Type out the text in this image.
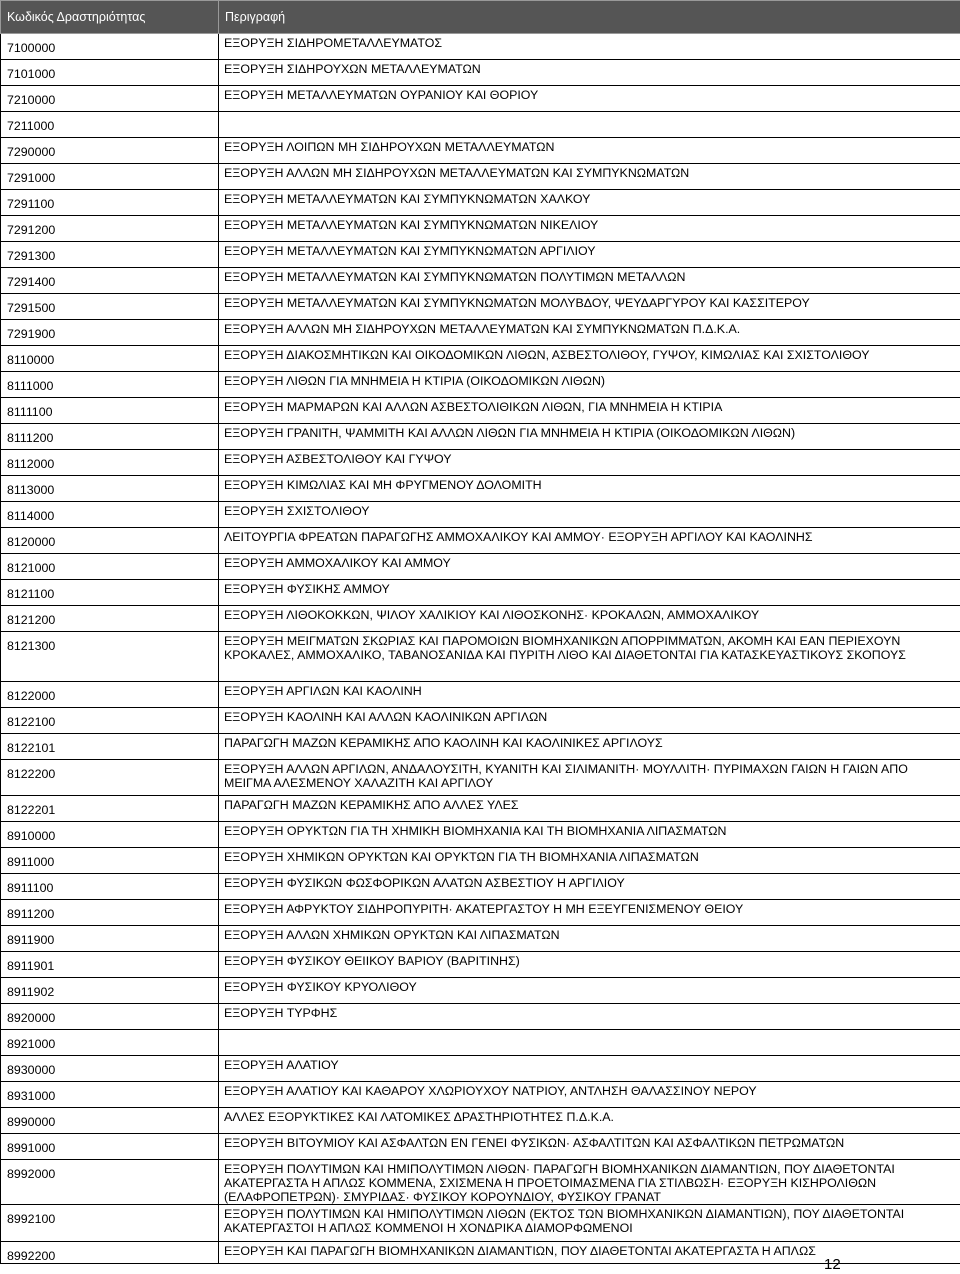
Κωδικός Δραστηριότητας	Περιγραφή
7100000	ΕΞΟΡΥΞΗ ΣΙΔΗΡΟΜΕΤΑΛΛΕΥΜΑΤΟΣ
7101000	ΕΞΟΡΥΞΗ ΣΙΔΗΡΟΥΧΩΝ ΜΕΤΑΛΛΕΥΜΑΤΩΝ
7210000	ΕΞΟΡΥΞΗ ΜΕΤΑΛΛΕΥΜΑΤΩΝ ΟΥΡΑΝΙΟΥ ΚΑΙ ΘΟΡΙΟΥ
7211000	
7290000	ΕΞΟΡΥΞΗ ΛΟΙΠΩΝ ΜΗ ΣΙΔΗΡΟΥΧΩΝ ΜΕΤΑΛΛΕΥΜΑΤΩΝ
7291000	ΕΞΟΡΥΞΗ ΑΛΛΩΝ ΜΗ ΣΙΔΗΡΟΥΧΩΝ ΜΕΤΑΛΛΕΥΜΑΤΩΝ ΚΑΙ ΣΥΜΠΥΚΝΩΜΑΤΩΝ
7291100	ΕΞΟΡΥΞΗ ΜΕΤΑΛΛΕΥΜΑΤΩΝ ΚΑΙ ΣΥΜΠΥΚΝΩΜΑΤΩΝ ΧΑΛΚΟΥ
7291200	ΕΞΟΡΥΞΗ ΜΕΤΑΛΛΕΥΜΑΤΩΝ ΚΑΙ ΣΥΜΠΥΚΝΩΜΑΤΩΝ ΝΙΚΕΛΙΟΥ
7291300	ΕΞΟΡΥΞΗ ΜΕΤΑΛΛΕΥΜΑΤΩΝ ΚΑΙ ΣΥΜΠΥΚΝΩΜΑΤΩΝ ΑΡΓΙΛΙΟΥ
7291400	ΕΞΟΡΥΞΗ ΜΕΤΑΛΛΕΥΜΑΤΩΝ ΚΑΙ ΣΥΜΠΥΚΝΩΜΑΤΩΝ ΠΟΛΥΤΙΜΩΝ ΜΕΤΑΛΛΩΝ
7291500	ΕΞΟΡΥΞΗ ΜΕΤΑΛΛΕΥΜΑΤΩΝ ΚΑΙ ΣΥΜΠΥΚΝΩΜΑΤΩΝ ΜΟΛΥΒΔΟΥ, ΨΕΥΔΑΡΓΥΡΟΥ ΚΑΙ ΚΑΣΣΙΤΕΡΟΥ
7291900	ΕΞΟΡΥΞΗ ΑΛΛΩΝ ΜΗ ΣΙΔΗΡΟΥΧΩΝ ΜΕΤΑΛΛΕΥΜΑΤΩΝ ΚΑΙ ΣΥΜΠΥΚΝΩΜΑΤΩΝ Π.Δ.Κ.Α.
8110000	ΕΞΟΡΥΞΗ ΔΙΑΚΟΣΜΗΤΙΚΩΝ ΚΑΙ ΟΙΚΟΔΟΜΙΚΩΝ ΛΙΘΩΝ, ΑΣΒΕΣΤΟΛΙΘΟΥ, ΓΥΨΟΥ, ΚΙΜΩΛΙΑΣ ΚΑΙ ΣΧΙΣΤΟΛΙΘΟΥ
8111000	ΕΞΟΡΥΞΗ ΛΙΘΩΝ ΓΙΑ ΜΝΗΜΕΙΑ Η ΚΤΙΡΙΑ (ΟΙΚΟΔΟΜΙΚΩΝ ΛΙΘΩΝ)
8111100	ΕΞΟΡΥΞΗ ΜΑΡΜΑΡΩΝ ΚΑΙ ΑΛΛΩΝ ΑΣΒΕΣΤΟΛΙΘΙΚΩΝ ΛΙΘΩΝ, ΓΙΑ ΜΝΗΜΕΙΑ Η ΚΤΙΡΙΑ
8111200	ΕΞΟΡΥΞΗ ΓΡΑΝΙΤΗ, ΨΑΜΜΙΤΗ ΚΑΙ ΑΛΛΩΝ ΛΙΘΩΝ ΓΙΑ ΜΝΗΜΕΙΑ Η ΚΤΙΡΙΑ (ΟΙΚΟΔΟΜΙΚΩΝ ΛΙΘΩΝ)
8112000	ΕΞΟΡΥΞΗ ΑΣΒΕΣΤΟΛΙΘΟΥ ΚΑΙ ΓΥΨΟΥ
8113000	ΕΞΟΡΥΞΗ ΚΙΜΩΛΙΑΣ ΚΑΙ ΜΗ ΦΡΥΓΜΕΝΟΥ ΔΟΛΟΜΙΤΗ
8114000	ΕΞΟΡΥΞΗ ΣΧΙΣΤΟΛΙΘΟΥ
8120000	ΛΕΙΤΟΥΡΓΙΑ ΦΡΕΑΤΩΝ ΠΑΡΑΓΩΓΗΣ ΑΜΜΟΧΑΛΙΚΟΥ ΚΑΙ ΑΜΜΟΥ· ΕΞΟΡΥΞΗ ΑΡΓΙΛΟΥ ΚΑΙ ΚΑΟΛΙΝΗΣ
8121000	ΕΞΟΡΥΞΗ ΑΜΜΟΧΑΛΙΚΟΥ ΚΑΙ ΑΜΜΟΥ
8121100	ΕΞΟΡΥΞΗ ΦΥΣΙΚΗΣ ΑΜΜΟΥ
8121200	ΕΞΟΡΥΞΗ ΛΙΘΟΚΟΚΚΩΝ, ΨΙΛΟΥ ΧΑΛΙΚΙΟΥ ΚΑΙ ΛΙΘΟΣΚΟΝΗΣ· ΚΡΟΚΑΛΩΝ, ΑΜΜΟΧΑΛΙΚΟΥ
8121300	ΕΞΟΡΥΞΗ ΜΕΙΓΜΑΤΩΝ ΣΚΩΡΙΑΣ ΚΑΙ ΠΑΡΟΜΟΙΩΝ ΒΙΟΜΗΧΑΝΙΚΩΝ ΑΠΟΡΡΙΜΜΑΤΩΝ, ΑΚΟΜΗ ΚΑΙ ΕΑΝ ΠΕΡΙΕΧΟΥΝ ΚΡΟΚΑΛΕΣ, ΑΜΜΟΧΑΛΙΚΟ, ΤΑΒΑΝΟΣΑΝΙΔΑ ΚΑΙ ΠΥΡΙΤΗ ΛΙΘΟ ΚΑΙ ΔΙΑΘΕΤΟΝΤΑΙ ΓΙΑ ΚΑΤΑΣΚΕΥΑΣΤΙΚΟΥΣ ΣΚΟΠΟΥΣ
8122000	ΕΞΟΡΥΞΗ ΑΡΓΙΛΩΝ ΚΑΙ ΚΑΟΛΙΝΗ
8122100	ΕΞΟΡΥΞΗ ΚΑΟΛΙΝΗ ΚΑΙ ΑΛΛΩΝ ΚΑΟΛΙΝΙΚΩΝ ΑΡΓΙΛΩΝ
8122101	ΠΑΡΑΓΩΓΗ ΜΑΖΩΝ ΚΕΡΑΜΙΚΗΣ ΑΠΟ ΚΑΟΛΙΝΗ ΚΑΙ ΚΑΟΛΙΝΙΚΕΣ ΑΡΓΙΛΟΥΣ
8122200	ΕΞΟΡΥΞΗ ΑΛΛΩΝ ΑΡΓΙΛΩΝ, ΑΝΔΑΛΟΥΣΙΤΗ, ΚΥΑΝΙΤΗ ΚΑΙ ΣΙΛΙΜΑΝΙΤΗ· ΜΟΥΛΛΙΤΗ· ΠΥΡΙΜΑΧΩΝ ΓΑΙΩΝ Η ΓΑΙΩΝ ΑΠΟ ΜΕΙΓΜΑ ΑΛΕΣΜΕΝΟΥ ΧΑΛΑΖΙΤΗ ΚΑΙ ΑΡΓΙΛΟΥ
8122201	ΠΑΡΑΓΩΓΗ ΜΑΖΩΝ ΚΕΡΑΜΙΚΗΣ ΑΠΟ ΑΛΛΕΣ ΥΛΕΣ
8910000	ΕΞΟΡΥΞΗ ΟΡΥΚΤΩΝ ΓΙΑ ΤΗ ΧΗΜΙΚΗ ΒΙΟΜΗΧΑΝΙΑ ΚΑΙ ΤΗ ΒΙΟΜΗΧΑΝΙΑ ΛΙΠΑΣΜΑΤΩΝ
8911000	ΕΞΟΡΥΞΗ ΧΗΜΙΚΩΝ ΟΡΥΚΤΩΝ ΚΑΙ ΟΡΥΚΤΩΝ ΓΙΑ ΤΗ ΒΙΟΜΗΧΑΝΙΑ ΛΙΠΑΣΜΑΤΩΝ
8911100	ΕΞΟΡΥΞΗ ΦΥΣΙΚΩΝ ΦΩΣΦΟΡΙΚΩΝ ΑΛΑΤΩΝ ΑΣΒΕΣΤΙΟΥ Η ΑΡΓΙΛΙΟΥ
8911200	ΕΞΟΡΥΞΗ ΑΦΡΥΚΤΟΥ ΣΙΔΗΡΟΠΥΡΙΤΗ· ΑΚΑΤΕΡΓΑΣΤΟΥ Η ΜΗ ΕΞΕΥΓΕΝΙΣΜΕΝΟΥ ΘΕΙΟΥ
8911900	ΕΞΟΡΥΞΗ ΑΛΛΩΝ ΧΗΜΙΚΩΝ ΟΡΥΚΤΩΝ ΚΑΙ ΛΙΠΑΣΜΑΤΩΝ
8911901	ΕΞΟΡΥΞΗ ΦΥΣΙΚΟΥ ΘΕΙΙΚΟΥ ΒΑΡΙΟΥ (ΒΑΡΙΤΙΝΗΣ)
8911902	ΕΞΟΡΥΞΗ ΦΥΣΙΚΟΥ ΚΡΥΟΛΙΘΟΥ
8920000	ΕΞΟΡΥΞΗ ΤΥΡΦΗΣ
8921000	
8930000	ΕΞΟΡΥΞΗ ΑΛΑΤΙΟΥ
8931000	ΕΞΟΡΥΞΗ ΑΛΑΤΙΟΥ ΚΑΙ ΚΑΘΑΡΟΥ ΧΛΩΡΙΟΥΧΟΥ ΝΑΤΡΙΟΥ, ΑΝΤΛΗΣΗ ΘΑΛΑΣΣΙΝΟΥ ΝΕΡΟΥ
8990000	ΑΛΛΕΣ ΕΞΟΡΥΚΤΙΚΕΣ ΚΑΙ ΛΑΤΟΜΙΚΕΣ ΔΡΑΣΤΗΡΙΟΤΗΤΕΣ Π.Δ.Κ.Α.
8991000	ΕΞΟΡΥΞΗ ΒΙΤΟΥΜΙΟΥ ΚΑΙ ΑΣΦΑΛΤΩΝ ΕΝ ΓΕΝΕΙ ΦΥΣΙΚΩΝ· ΑΣΦΑΛΤΙΤΩΝ ΚΑΙ ΑΣΦΑΛΤΙΚΩΝ ΠΕΤΡΩΜΑΤΩΝ
8992000	ΕΞΟΡΥΞΗ ΠΟΛΥΤΙΜΩΝ ΚΑΙ ΗΜΙΠΟΛΥΤΙΜΩΝ ΛΙΘΩΝ· ΠΑΡΑΓΩΓΗ ΒΙΟΜΗΧΑΝΙΚΩΝ ΔΙΑΜΑΝΤΙΩΝ, ΠΟΥ ΔΙΑΘΕΤΟΝΤΑΙ ΑΚΑΤΕΡΓΑΣΤΑ Η ΑΠΛΩΣ ΚΟΜΜΕΝΑ, ΣΧΙΣΜΕΝΑ Η ΠΡΟΕΤΟΙΜΑΣΜΕΝΑ ΓΙΑ ΣΤΙΛΒΩΣΗ· ΕΞΟΡΥΞΗ ΚΙΣΗΡΟΛΙΘΩΝ (ΕΛΑΦΡΟΠΕΤΡΩΝ)· ΣΜΥΡΙΔΑΣ· ΦΥΣΙΚΟΥ ΚΟΡΟΥΝΔΙΟΥ, ΦΥΣΙΚΟΥ ΓΡΑΝΑΤ
8992100	ΕΞΟΡΥΞΗ ΠΟΛΥΤΙΜΩΝ ΚΑΙ ΗΜΙΠΟΛΥΤΙΜΩΝ ΛΙΘΩΝ (ΕΚΤΟΣ ΤΩΝ ΒΙΟΜΗΧΑΝΙΚΩΝ ΔΙΑΜΑΝΤΙΩΝ), ΠΟΥ ΔΙΑΘΕΤΟΝΤΑΙ ΑΚΑΤΕΡΓΑΣΤΟΙ Η ΑΠΛΩΣ ΚΟΜΜΕΝΟΙ Η ΧΟΝΔΡΙΚΑ ΔΙΑΜΟΡΦΩΜΕΝΟΙ
8992200	ΕΞΟΡΥΞΗ ΚΑΙ ΠΑΡΑΓΩΓΗ ΒΙΟΜΗΧΑΝΙΚΩΝ ΔΙΑΜΑΝΤΙΩΝ, ΠΟΥ ΔΙΑΘΕΤΟΝΤΑΙ ΑΚΑΤΕΡΓΑΣΤΑ Η ΑΠΛΩΣ
12
